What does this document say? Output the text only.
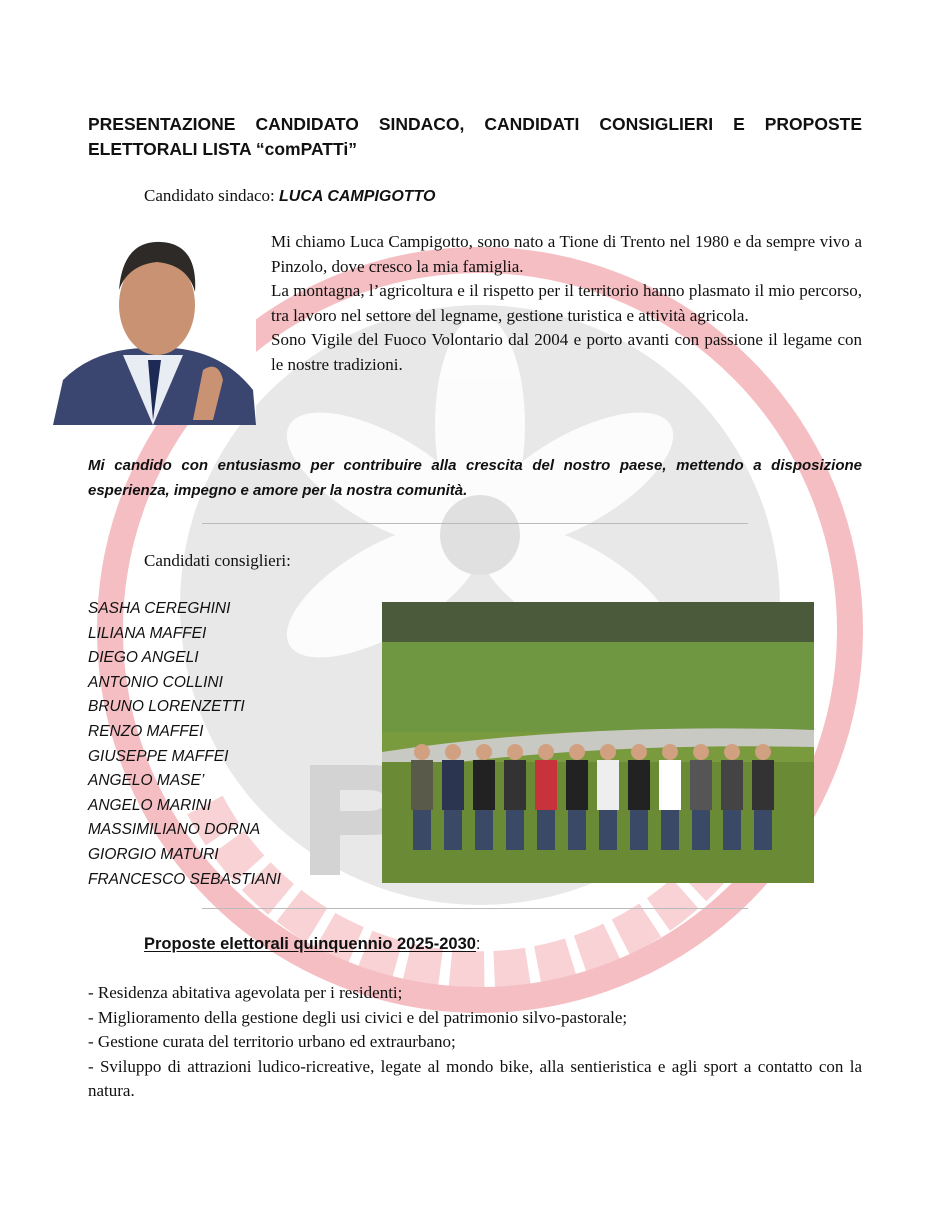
PRESENTAZIONE CANDIDATO SINDACO, CANDIDATI CONSIGLIERI E PROPOSTE
ELETTORALI LISTA “comPATTi”
Candidato sindaco: LUCA CAMPIGOTTO

Mi chiamo Luca Campigotto, sono nato a Tione di Trento nel 1980 e da sempre vivo a Pinzolo, dove cresco la mia famiglia.

La montagna, l’agricoltura e il rispetto per il territorio hanno plasmato il mio percorso, tra lavoro nel settore del legname, gestione turistica e attività agricola.

Sono Vigile del Fuoco Volontario dal 2004 e porto avanti con passione il legame con le nostre tradizioni.

Mi candido con entusiasmo per contribuire alla crescita del nostro paese, mettendo a disposizione esperienza, impegno e amore per la nostra comunità.
Candidati consiglieri:
SASHA CEREGHINI
LILIANA MAFFEI
DIEGO ANGELI
ANTONIO COLLINI
BRUNO LORENZETTI
RENZO MAFFEI
GIUSEPPE MAFFEI
ANGELO MASE’
ANGELO MARINI
MASSIMILIANO DORNA
GIORGIO MATURI
FRANCESCO SEBASTIANI
Proposte elettorali quinquennio 2025-2030:
- Residenza abitativa agevolata per i residenti;
- Miglioramento della gestione degli usi civici e del patrimonio silvo-pastorale;
- Gestione curata del territorio urbano ed extraurbano;
- Sviluppo di attrazioni ludico-ricreative, legate al mondo bike, alla sentieristica e agli sport a contatto con la natura.
